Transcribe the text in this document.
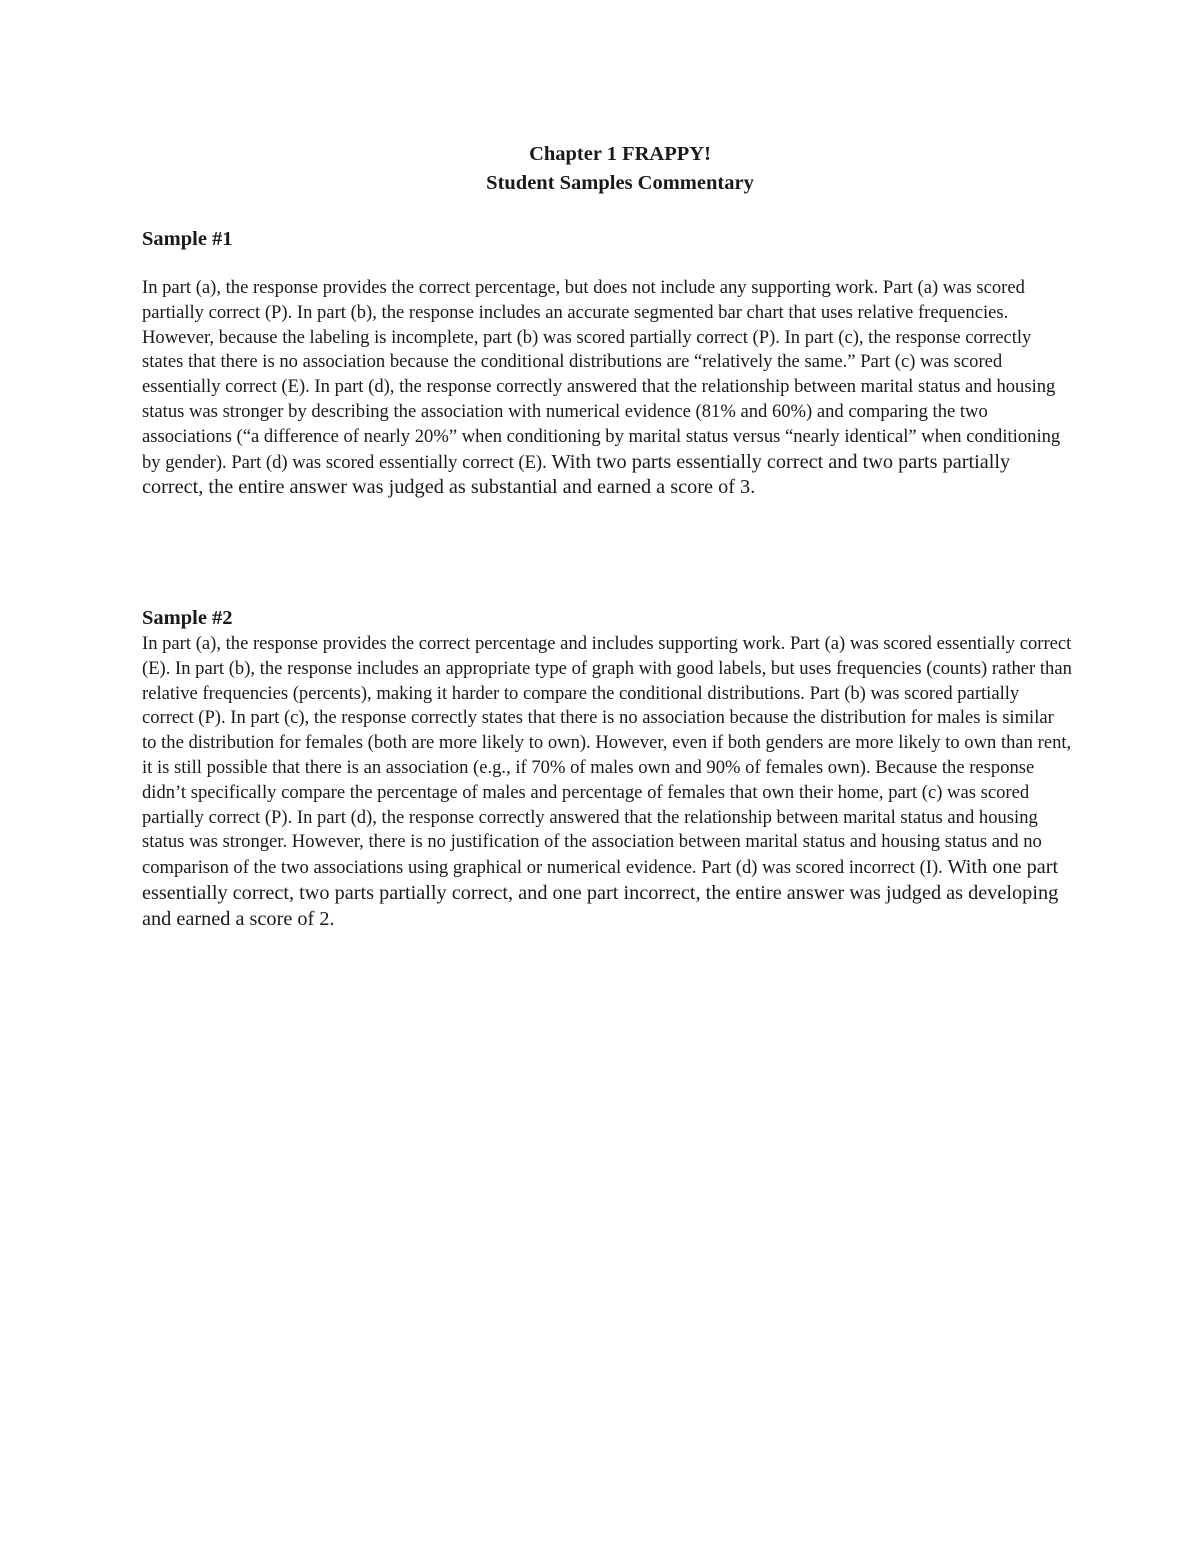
Chapter 1 FRAPPY!
Student Samples Commentary
Sample #1

In part (a), the response provides the correct percentage, but does not include any supporting work. Part (a) was scored partially correct (P). In part (b), the response includes an accurate segmented bar chart that uses relative frequencies. However, because the labeling is incomplete, part (b) was scored partially correct (P). In part (c), the response correctly states that there is no association because the conditional distributions are “relatively the same.” Part (c) was scored essentially correct (E). In part (d), the response correctly answered that the relationship between marital status and housing status was stronger by describing the association with numerical evidence (81% and 60%) and comparing the two associations (“a difference of nearly 20%” when conditioning by marital status versus “nearly identical” when conditioning by gender). Part (d) was scored essentially correct (E). With two parts essentially correct and two parts partially correct, the entire answer was judged as substantial and earned a score of 3.

Sample #2

In part (a), the response provides the correct percentage and includes supporting work. Part (a) was scored essentially correct (E). In part (b), the response includes an appropriate type of graph with good labels, but uses frequencies (counts) rather than relative frequencies (percents), making it harder to compare the conditional distributions. Part (b) was scored partially correct (P). In part (c), the response correctly states that there is no association because the distribution for males is similar to the distribution for females (both are more likely to own). However, even if both genders are more likely to own than rent, it is still possible that there is an association (e.g., if 70% of males own and 90% of females own). Because the response didn’t specifically compare the percentage of males and percentage of females that own their home, part (c) was scored partially correct (P). In part (d), the response correctly answered that the relationship between marital status and housing status was stronger. However, there is no justification of the association between marital status and housing status and no comparison of the two associations using graphical or numerical evidence. Part (d) was scored incorrect (I). With one part essentially correct, two parts partially correct, and one part incorrect, the entire answer was judged as developing and earned a score of 2.
